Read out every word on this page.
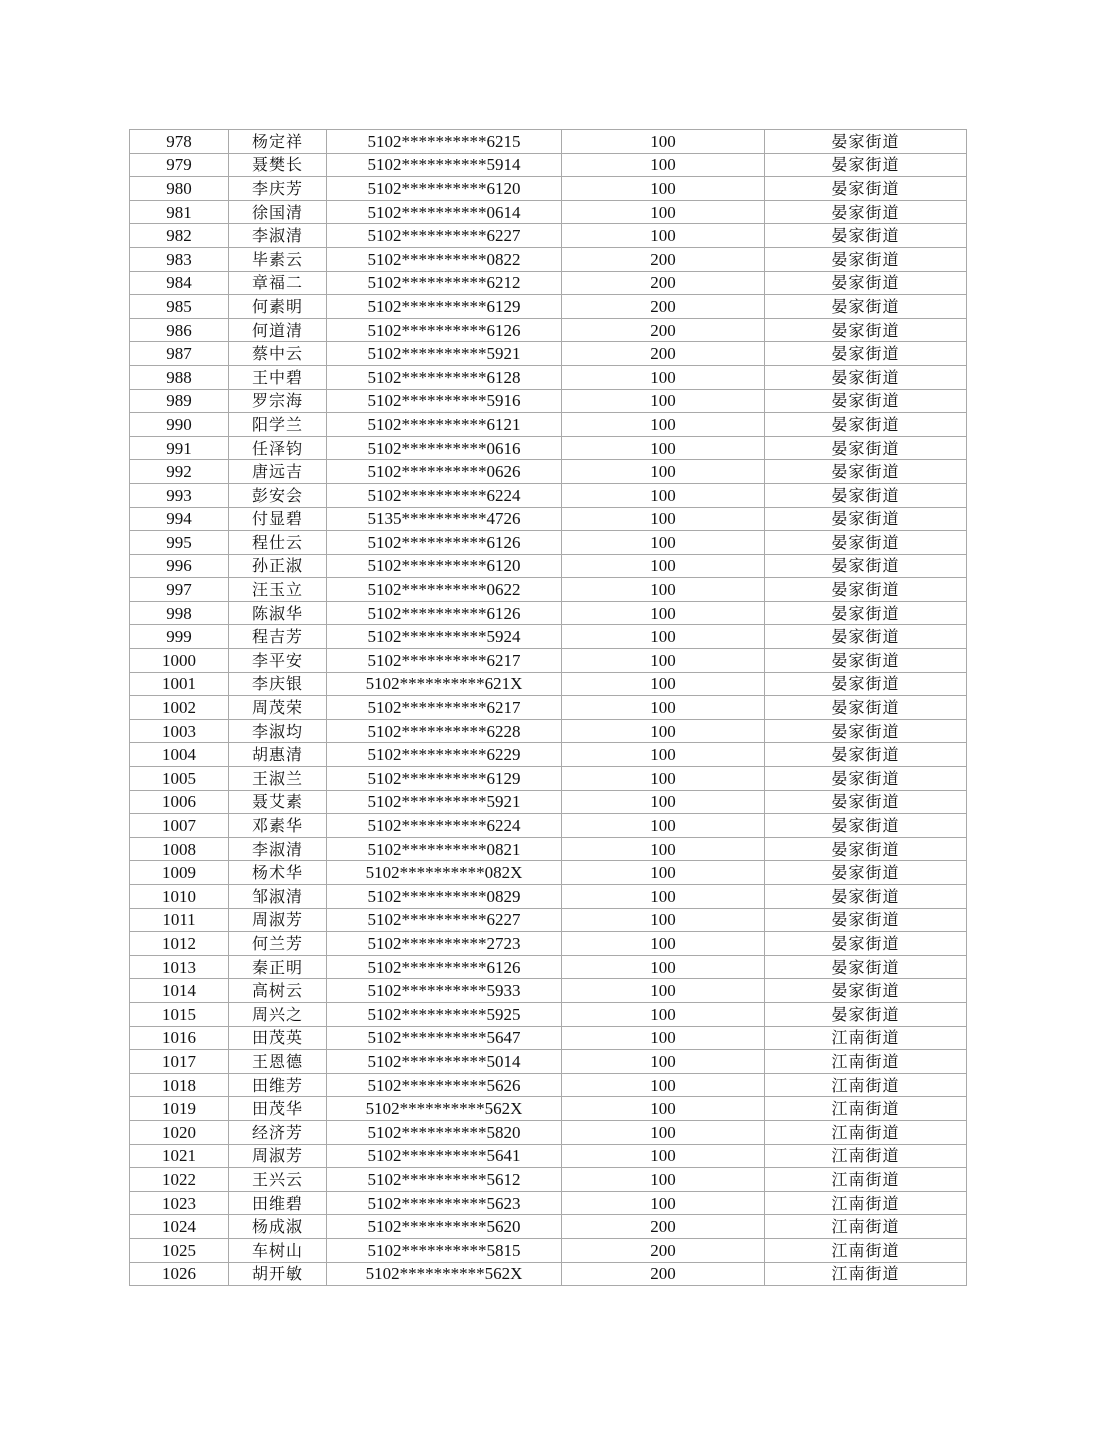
978	杨定祥	5102**********6215	100	晏家街道
979	聂樊长	5102**********5914	100	晏家街道
980	李庆芳	5102**********6120	100	晏家街道
981	徐国清	5102**********0614	100	晏家街道
982	李淑清	5102**********6227	100	晏家街道
983	毕素云	5102**********0822	200	晏家街道
984	章福二	5102**********6212	200	晏家街道
985	何素明	5102**********6129	200	晏家街道
986	何道清	5102**********6126	200	晏家街道
987	蔡中云	5102**********5921	200	晏家街道
988	王中碧	5102**********6128	100	晏家街道
989	罗宗海	5102**********5916	100	晏家街道
990	阳学兰	5102**********6121	100	晏家街道
991	任泽钧	5102**********0616	100	晏家街道
992	唐远吉	5102**********0626	100	晏家街道
993	彭安会	5102**********6224	100	晏家街道
994	付显碧	5135**********4726	100	晏家街道
995	程仕云	5102**********6126	100	晏家街道
996	孙正淑	5102**********6120	100	晏家街道
997	汪玉立	5102**********0622	100	晏家街道
998	陈淑华	5102**********6126	100	晏家街道
999	程吉芳	5102**********5924	100	晏家街道
1000	李平安	5102**********6217	100	晏家街道
1001	李庆银	5102**********621X	100	晏家街道
1002	周茂荣	5102**********6217	100	晏家街道
1003	李淑均	5102**********6228	100	晏家街道
1004	胡惠清	5102**********6229	100	晏家街道
1005	王淑兰	5102**********6129	100	晏家街道
1006	聂艾素	5102**********5921	100	晏家街道
1007	邓素华	5102**********6224	100	晏家街道
1008	李淑清	5102**********0821	100	晏家街道
1009	杨术华	5102**********082X	100	晏家街道
1010	邹淑清	5102**********0829	100	晏家街道
1011	周淑芳	5102**********6227	100	晏家街道
1012	何兰芳	5102**********2723	100	晏家街道
1013	秦正明	5102**********6126	100	晏家街道
1014	高树云	5102**********5933	100	晏家街道
1015	周兴之	5102**********5925	100	晏家街道
1016	田茂英	5102**********5647	100	江南街道
1017	王恩德	5102**********5014	100	江南街道
1018	田维芳	5102**********5626	100	江南街道
1019	田茂华	5102**********562X	100	江南街道
1020	经济芳	5102**********5820	100	江南街道
1021	周淑芳	5102**********5641	100	江南街道
1022	王兴云	5102**********5612	100	江南街道
1023	田维碧	5102**********5623	100	江南街道
1024	杨成淑	5102**********5620	200	江南街道
1025	车树山	5102**********5815	200	江南街道
1026	胡开敏	5102**********562X	200	江南街道
